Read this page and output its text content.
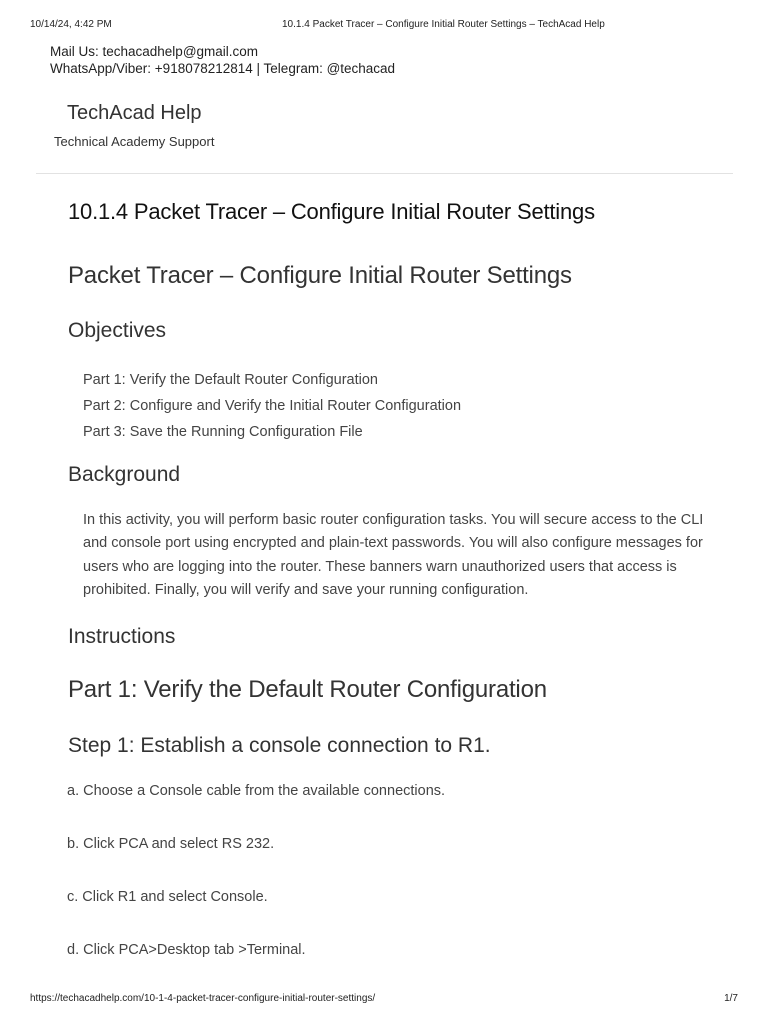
10/14/24, 4:42 PM	10.1.4 Packet Tracer – Configure Initial Router Settings – TechAcad Help
Mail Us: techacadhelp@gmail.com
WhatsApp/Viber: +918078212814 | Telegram: @techacad
TechAcad Help
Technical Academy Support
10.1.4 Packet Tracer – Configure Initial Router Settings
Packet Tracer – Configure Initial Router Settings
Objectives
Part 1: Verify the Default Router Configuration
Part 2: Configure and Verify the Initial Router Configuration
Part 3: Save the Running Configuration File
Background

In this activity, you will perform basic router configuration tasks. You will secure access to the CLI and console port using encrypted and plain-text passwords. You will also configure messages for users who are logging into the router. These banners warn unauthorized users that access is prohibited. Finally, you will verify and save your running configuration.

Instructions
Part 1: Verify the Default Router Configuration
Step 1: Establish a console connection to R1.

a. Choose a Console cable from the available connections.

b. Click PCA and select RS 232.

c. Click R1 and select Console.

d. Click PCA>Desktop tab >Terminal.

https://techacadhelp.com/10-1-4-packet-tracer-configure-initial-router-settings/	1/7
